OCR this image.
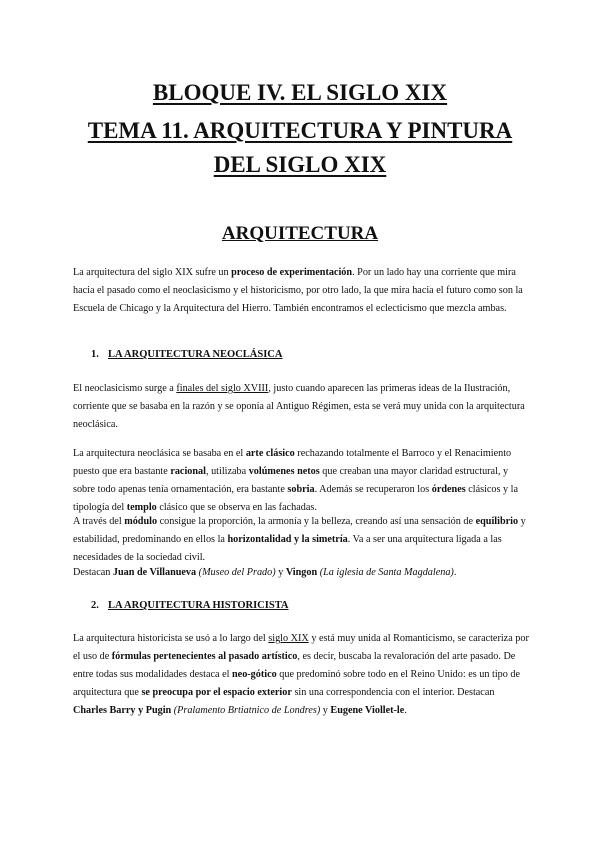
BLOQUE IV. EL SIGLO XIX
TEMA 11. ARQUITECTURA Y PINTURA
DEL SIGLO XIX
ARQUITECTURA

La arquitectura del siglo XIX sufre un proceso de experimentación. Por un lado hay una corriente que mira hacia el pasado como el neoclasicismo y el historicismo, por otro lado, la que mira hacia el futuro como son la Escuela de Chicago y la Arquitectura del Hierro. También encontramos el eclecticismo que mezcla ambas.

1. LA ARQUITECTURA NEOCLÁSICA

El neoclasicismo surge a finales del siglo XVIII, justo cuando aparecen las primeras ideas de la Ilustración, corriente que se basaba en la razón y se oponía al Antiguo Régimen, esta se verá muy unida con la arquitectura neoclásica.

La arquitectura neoclásica se basaba en el arte clásico rechazando totalmente el Barroco y el Renacimiento puesto que era bastante racional, utilizaba volúmenes netos que creaban una mayor claridad estructural, y sobre todo apenas tenía ornamentación, era bastante sobria. Además se recuperaron los órdenes clásicos y la tipología del templo clásico que se observa en las fachadas.

A través del módulo consigue la proporción, la armonía y la belleza, creando así una sensación de equilibrio y estabilidad, predominando en ellos la horizontalidad y la simetría. Va a ser una arquitectura ligada a las necesidades de la sociedad civil.

Destacan Juan de Villanueva (Museo del Prado) y Vingon (La iglesia de Santa Magdalena).

2. LA ARQUITECTURA HISTORICISTA

La arquitectura historicista se usó a lo largo del siglo XIX y está muy unida al Romanticismo, se caracteriza por el uso de fórmulas pertenecientes al pasado artístico, es decir, buscaba la revaloración del arte pasado. De entre todas sus modalidades destaca el neo-gótico que predominó sobre todo en el Reino Unido: es un tipo de arquitectura que se preocupa por el espacio exterior sin una correspondencia con el interior. Destacan Charles Barry y Pugin (Pralamento Brtiatnico de Londres) y Eugene Viollet-le.
